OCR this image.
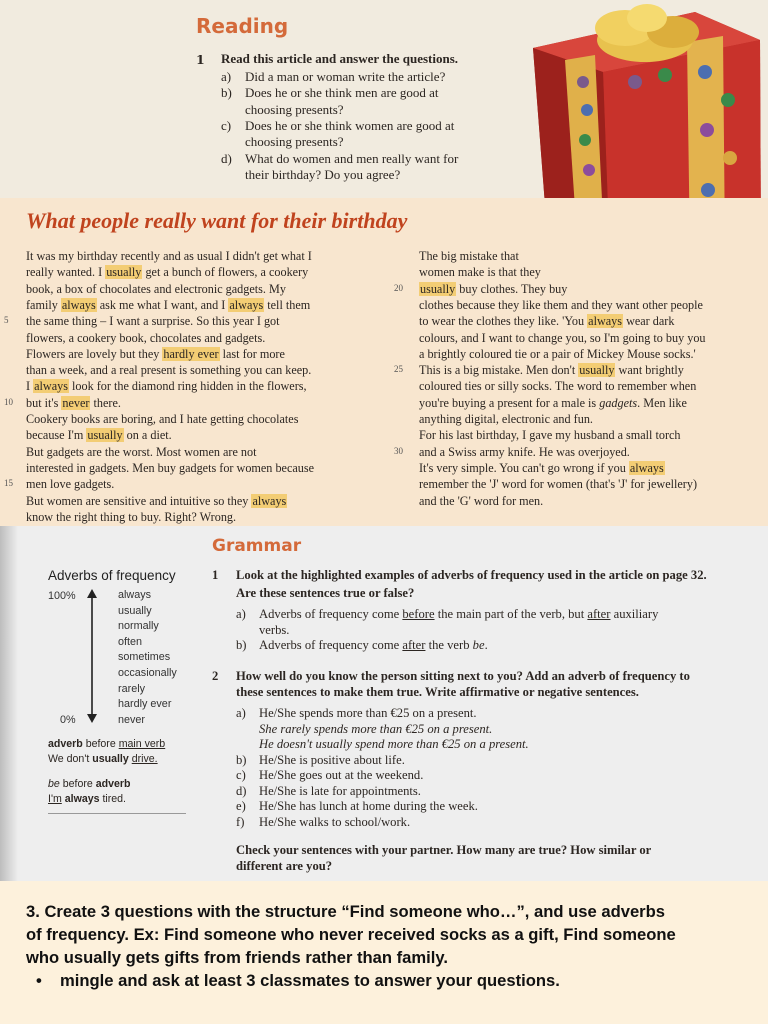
Reading
1 Read this article and answer the questions.
a) Did a man or woman write the article?
b) Does he or she think men are good at
choosing presents?
c) Does he or she think women are good at
choosing presents?
d) What do women and men really want for
their birthday? Do you agree?
What people really want for their birthday
It was my birthday recently and as usual I didn't get what I
really wanted. I usually get a bunch of flowers, a cookery
book, a box of chocolates and electronic gadgets. My
family always ask me what I want, and I always tell them
the same thing – I want a surprise. So this year I got
flowers, a cookery book, chocolates and gadgets.
Flowers are lovely but they hardly ever last for more
than a week, and a real present is something you can keep.
I always look for the diamond ring hidden in the flowers,
but it's never there.
Cookery books are boring, and I hate getting chocolates
because I'm usually on a diet.
But gadgets are the worst. Most women are not
interested in gadgets. Men buy gadgets for women because
men love gadgets.
But women are sensitive and intuitive so they always
know the right thing to buy. Right? Wrong.
The big mistake that
women make is that they
usually buy clothes. They buy
clothes because they like them and they want other people
to wear the clothes they like. 'You always wear dark
colours, and I want to change you, so I'm going to buy you
a brightly coloured tie or a pair of Mickey Mouse socks.'
This is a big mistake. Men don't usually want brightly
coloured ties or silly socks. The word to remember when
you're buying a present for a male is gadgets. Men like
anything digital, electronic and fun.
For his last birthday, I gave my husband a small torch
and a Swiss army knife. He was overjoyed.
It's very simple. You can't go wrong if you always
remember the 'J' word for women (that's 'J' for jewellery)
and the 'G' word for men.
5
10
15
20
25
30
Grammar
Adverbs of frequency
100%
0%
always
usually
normally
often
sometimes
occasionally
rarely
hardly ever
never
adverb before main verb
We don't usually drive.
be before adverb
I'm always tired.
1 Look at the highlighted examples of adverbs of frequency used in the article on page 32.
Are these sentences true or false?
a) Adverbs of frequency come before the main part of the verb, but after auxiliary
verbs.
b) Adverbs of frequency come after the verb be.
2 How well do you know the person sitting next to you? Add an adverb of frequency to
these sentences to make them true. Write affirmative or negative sentences.
a) He/She spends more than €25 on a present.
She rarely spends more than €25 on a present.
He doesn't usually spend more than €25 on a present.
b) He/She is positive about life.
c) He/She goes out at the weekend.
d) He/She is late for appointments.
e) He/She has lunch at home during the week.
f) He/She walks to school/work.
Check your sentences with your partner. How many are true? How similar or
different are you?
3. Create 3 questions with the structure “Find someone who…”, and use adverbs
of frequency. Ex: Find someone who never received socks as a gift, Find someone
who usually gets gifts from friends rather than family.
• mingle and ask at least 3 classmates to answer your questions.
